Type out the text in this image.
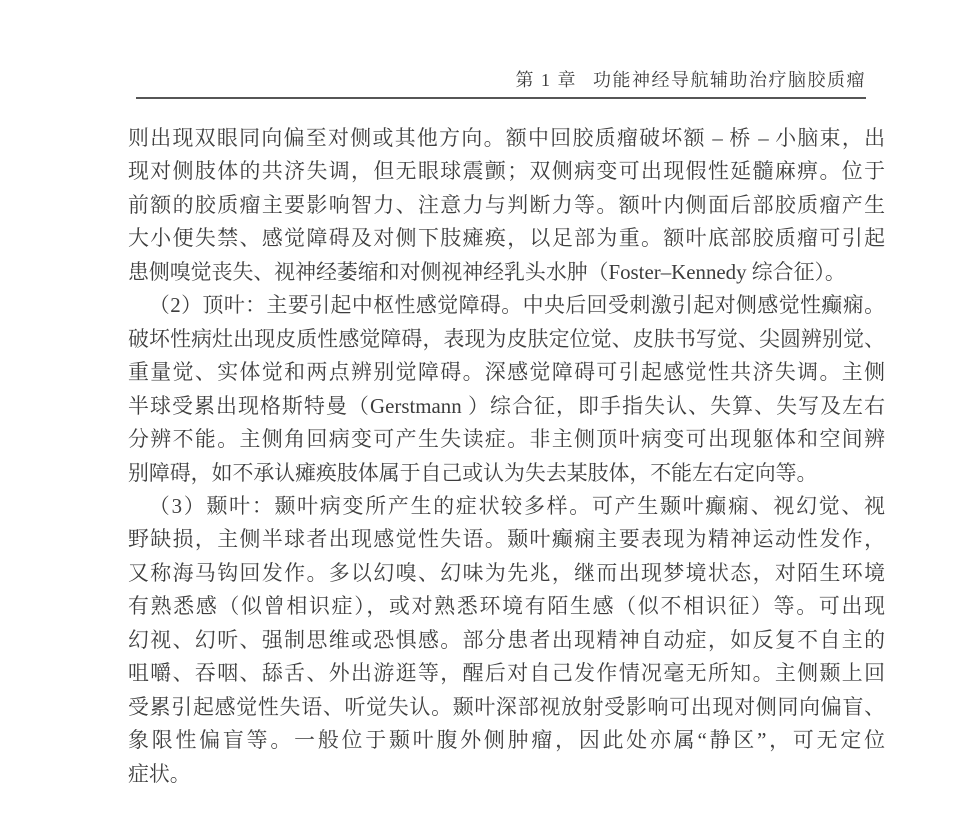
第 1 章 功能神经导航辅助治疗脑胶质瘤
则出现双眼同向偏至对侧或其他方向。额中回胶质瘤破坏额 – 桥 – 小脑束，出
现对侧肢体的共济失调，但无眼球震颤；双侧病变可出现假性延髓麻痹。位于
前额的胶质瘤主要影响智力、注意力与判断力等。额叶内侧面后部胶质瘤产生
大小便失禁、感觉障碍及对侧下肢瘫痪，以足部为重。额叶底部胶质瘤可引起
患侧嗅觉丧失、视神经萎缩和对侧视神经乳头水肿（Foster–Kennedy 综合征）。
（2）顶叶：主要引起中枢性感觉障碍。中央后回受刺激引起对侧感觉性癫痫。
破坏性病灶出现皮质性感觉障碍，表现为皮肤定位觉、皮肤书写觉、尖圆辨别觉、
重量觉、实体觉和两点辨别觉障碍。深感觉障碍可引起感觉性共济失调。主侧
半球受累出现格斯特曼（Gerstmann ）综合征，即手指失认、失算、失写及左右
分辨不能。主侧角回病变可产生失读症。非主侧顶叶病变可出现躯体和空间辨
别障碍，如不承认瘫痪肢体属于自己或认为失去某肢体，不能左右定向等。
（3）颞叶：颞叶病变所产生的症状较多样。可产生颞叶癫痫、视幻觉、视
野缺损，主侧半球者出现感觉性失语。颞叶癫痫主要表现为精神运动性发作，
又称海马钩回发作。多以幻嗅、幻味为先兆，继而出现梦境状态，对陌生环境
有熟悉感（似曾相识症），或对熟悉环境有陌生感（似不相识征）等。可出现
幻视、幻听、强制思维或恐惧感。部分患者出现精神自动症，如反复不自主的
咀嚼、吞咽、舔舌、外出游逛等，醒后对自己发作情况毫无所知。主侧颞上回
受累引起感觉性失语、听觉失认。颞叶深部视放射受影响可出现对侧同向偏盲、
象限性偏盲等。一般位于颞叶腹外侧肿瘤，因此处亦属“静区”，可无定位
症状。
